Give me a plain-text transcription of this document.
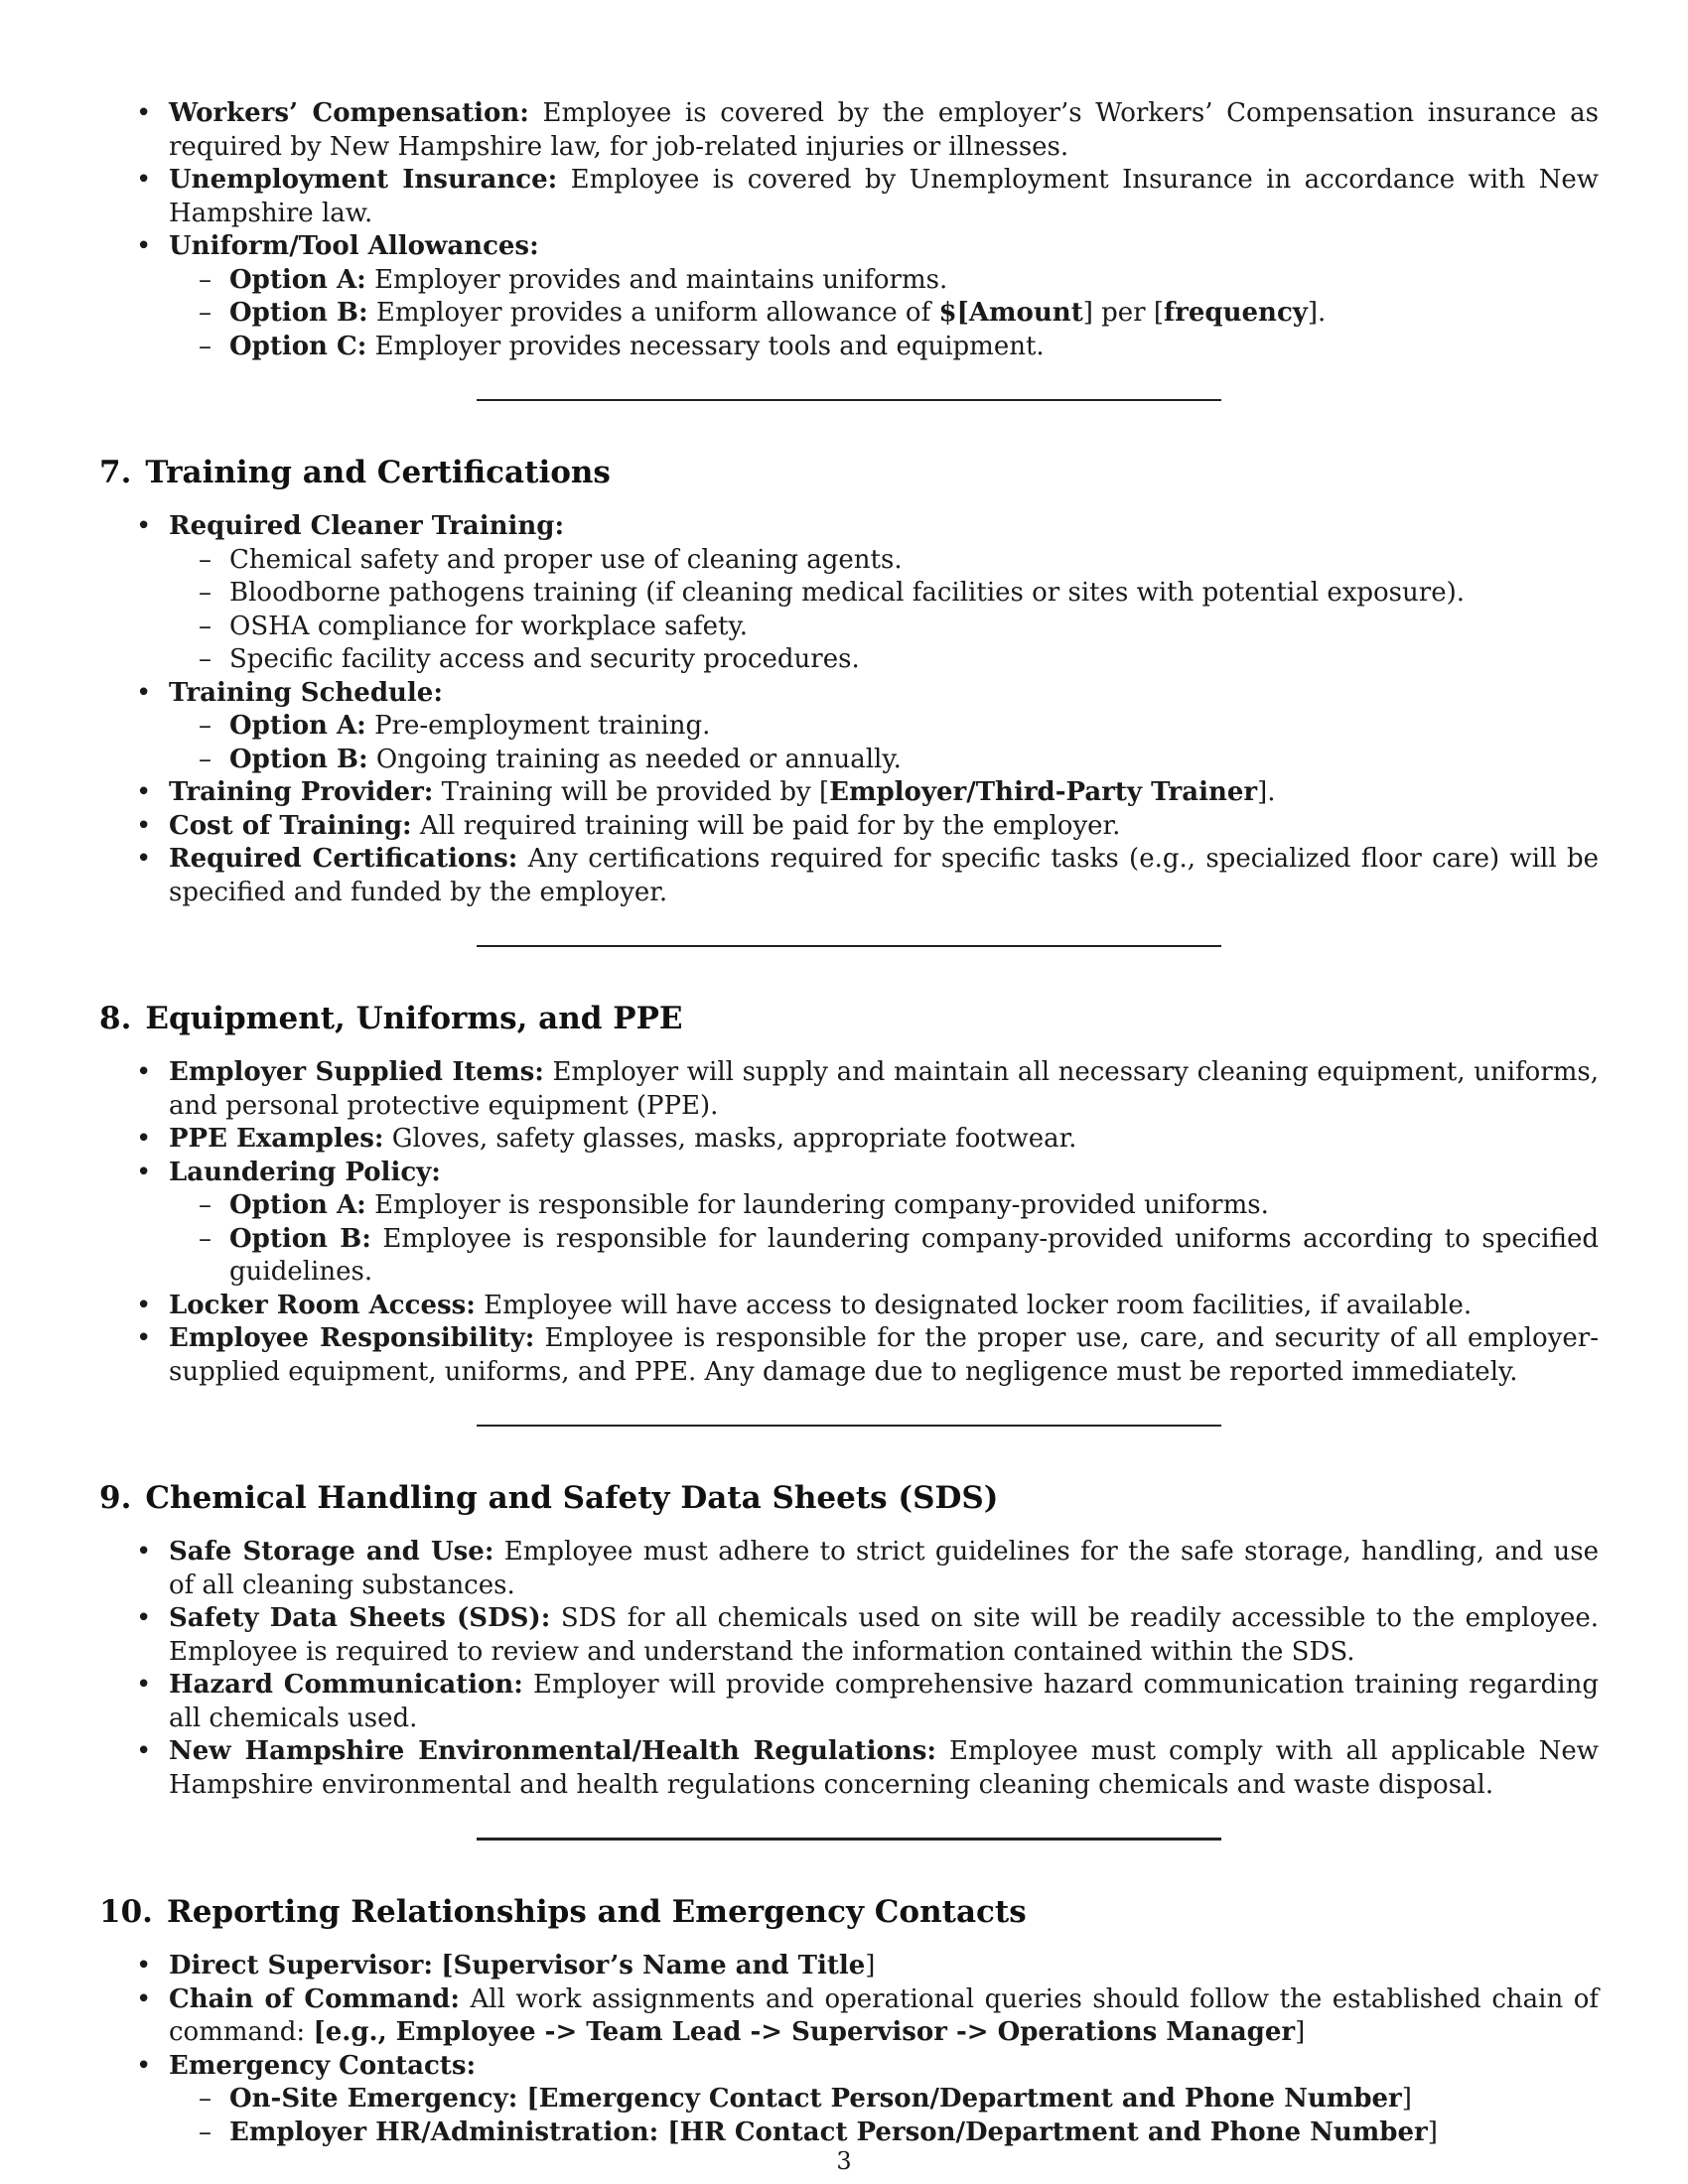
• Workers’ Compensation: Employee is covered by the employer’s Workers’ Compensation insurance as required by New Hampshire law, for job-related injuries or illnesses.
• Unemployment Insurance: Employee is covered by Unemployment Insurance in accordance with New Hampshire law.
• Uniform/Tool Allowances:
– Option A: Employer provides and maintains uniforms.
– Option B: Employer provides a uniform allowance of $[Amount] per [frequency].
– Option C: Employer provides necessary tools and equipment.
7. Training and Certifications
• Required Cleaner Training:
– Chemical safety and proper use of cleaning agents.
– Bloodborne pathogens training (if cleaning medical facilities or sites with potential exposure).
– OSHA compliance for workplace safety.
– Specific facility access and security procedures.
• Training Schedule:
– Option A: Pre-employment training.
– Option B: Ongoing training as needed or annually.
• Training Provider: Training will be provided by [Employer/Third-Party Trainer].
• Cost of Training: All required training will be paid for by the employer.
• Required Certifications: Any certifications required for specific tasks (e.g., specialized floor care) will be specified and funded by the employer.
8. Equipment, Uniforms, and PPE
• Employer Supplied Items: Employer will supply and maintain all necessary cleaning equipment, uniforms, and personal protective equipment (PPE).
• PPE Examples: Gloves, safety glasses, masks, appropriate footwear.
• Laundering Policy:
– Option A: Employer is responsible for laundering company-provided uniforms.
– Option B: Employee is responsible for laundering company-provided uniforms according to specified guidelines.
• Locker Room Access: Employee will have access to designated locker room facilities, if available.
• Employee Responsibility: Employee is responsible for the proper use, care, and security of all employer-supplied equipment, uniforms, and PPE. Any damage due to negligence must be reported immediately.
9. Chemical Handling and Safety Data Sheets (SDS)
• Safe Storage and Use: Employee must adhere to strict guidelines for the safe storage, handling, and use of all cleaning substances.
• Safety Data Sheets (SDS): SDS for all chemicals used on site will be readily accessible to the employee. Employee is required to review and understand the information contained within the SDS.
• Hazard Communication: Employer will provide comprehensive hazard communication training regarding all chemicals used.
• New Hampshire Environmental/Health Regulations: Employee must comply with all applicable New Hampshire environmental and health regulations concerning cleaning chemicals and waste disposal.
10. Reporting Relationships and Emergency Contacts
• Direct Supervisor: [Supervisor’s Name and Title]
• Chain of Command: All work assignments and operational queries should follow the established chain of command: [e.g., Employee -> Team Lead -> Supervisor -> Operations Manager]
• Emergency Contacts:
– On-Site Emergency: [Emergency Contact Person/Department and Phone Number]
– Employer HR/Administration: [HR Contact Person/Department and Phone Number]
3
